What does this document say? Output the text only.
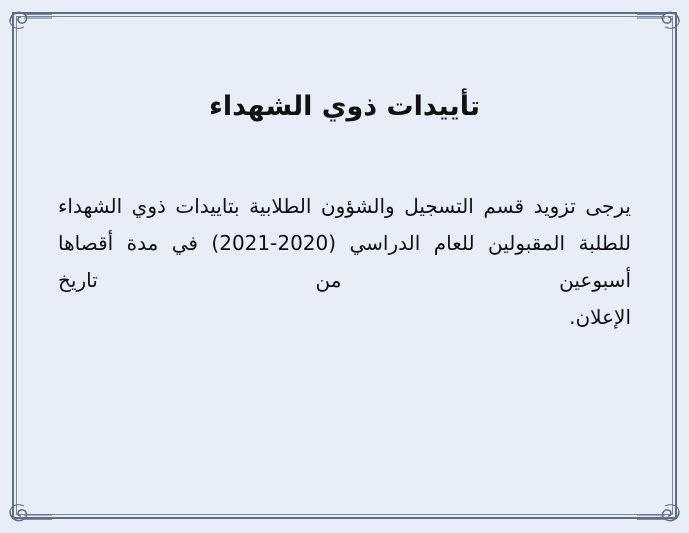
تأييدات ذوي الشهداء

يرجى تزويد قسم التسجيل والشؤون الطلابية بتاييدات ذوي الشهداء للطلبة المقبولين للعام الدراسي (2020-2021) في مدة أقصاها أسبوعين من تاريخ
الإعلان.
